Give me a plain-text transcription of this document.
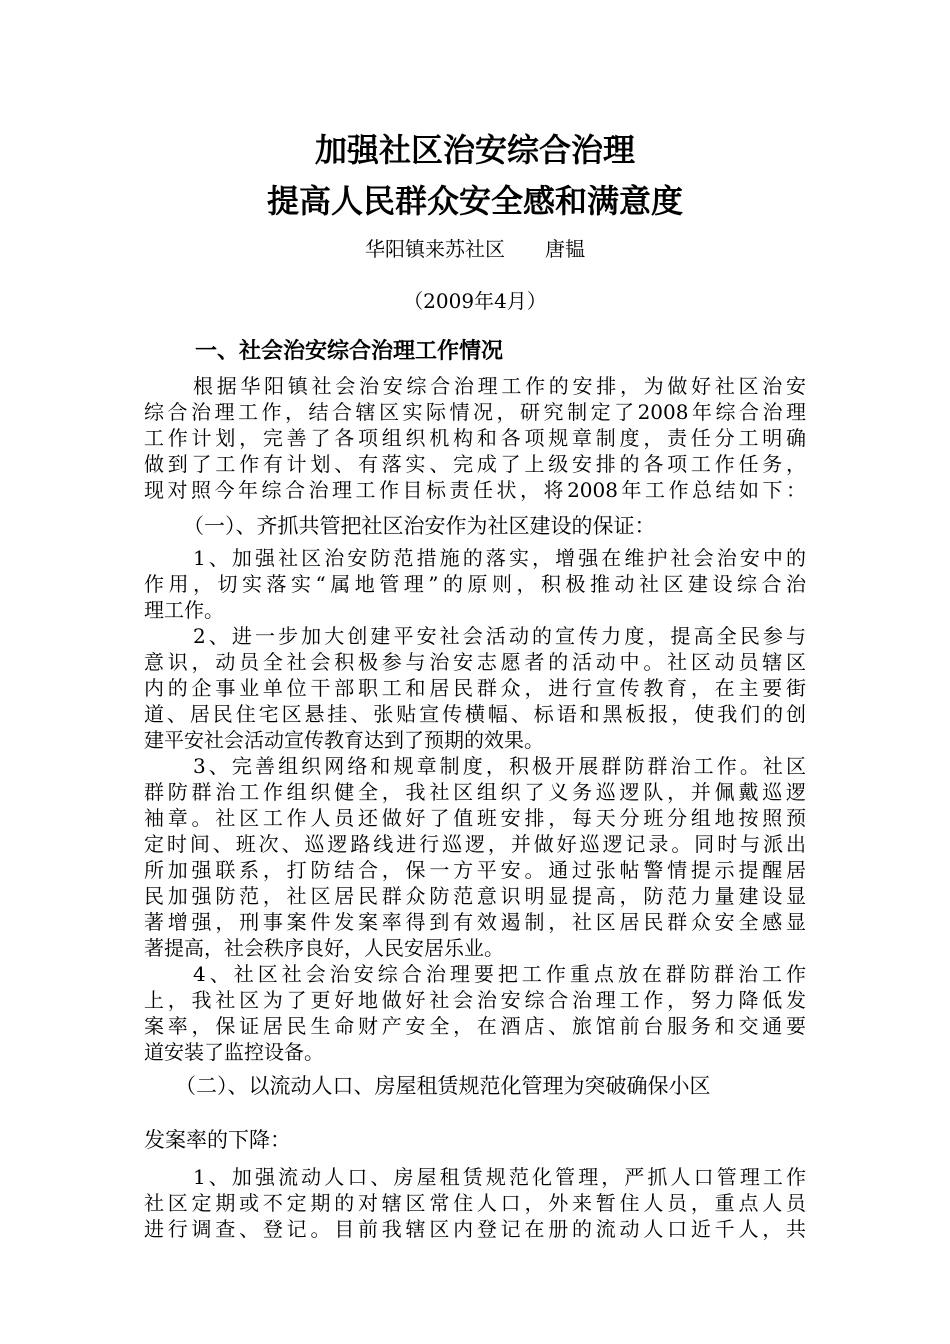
加强社区治安综合治理
提高人民群众安全感和满意度
华阳镇来苏社区 唐韫
（2009年4月）
一、社会治安综合治理工作情况
根据华阳镇社会治安综合治理工作的安排，为做好社区治安
综合治理工作，结合辖区实际情况，研究制定了2008年综合治理
工作计划，完善了各项组织机构和各项规章制度，责任分工明确
做到了工作有计划、有落实、完成了上级安排的各项工作任务，
现对照今年综合治理工作目标责任状，将2008年工作总结如下：
（一）、齐抓共管把社区治安作为社区建设的保证：
1、加强社区治安防范措施的落实，增强在维护社会治安中的
作用，切实落实“属地管理”的原则，积极推动社区建设综合治
理工作。
2、进一步加大创建平安社会活动的宣传力度，提高全民参与
意识，动员全社会积极参与治安志愿者的活动中。社区动员辖区
内的企事业单位干部职工和居民群众，进行宣传教育，在主要街
道、居民住宅区悬挂、张贴宣传横幅、标语和黑板报，使我们的创
建平安社会活动宣传教育达到了预期的效果。
3、完善组织网络和规章制度，积极开展群防群治工作。社区
群防群治工作组织健全，我社区组织了义务巡逻队，并佩戴巡逻
袖章。社区工作人员还做好了值班安排，每天分班分组地按照预
定时间、班次、巡逻路线进行巡逻，并做好巡逻记录。同时与派出
所加强联系，打防结合，保一方平安。通过张帖警情提示提醒居
民加强防范，社区居民群众防范意识明显提高，防范力量建设显
著增强，刑事案件发案率得到有效遏制，社区居民群众安全感显
著提高，社会秩序良好，人民安居乐业。
4、社区社会治安综合治理要把工作重点放在群防群治工作
上，我社区为了更好地做好社会治安综合治理工作，努力降低发
案率，保证居民生命财产安全，在酒店、旅馆前台服务和交通要
道安装了监控设备。
（二）、以流动人口、房屋租赁规范化管理为突破确保小区
发案率的下降：
1、加强流动人口、房屋租赁规范化管理，严抓人口管理工作
社区定期或不定期的对辖区常住人口，外来暂住人员，重点人员
进行调查、登记。目前我辖区内登记在册的流动人口近千人，共
